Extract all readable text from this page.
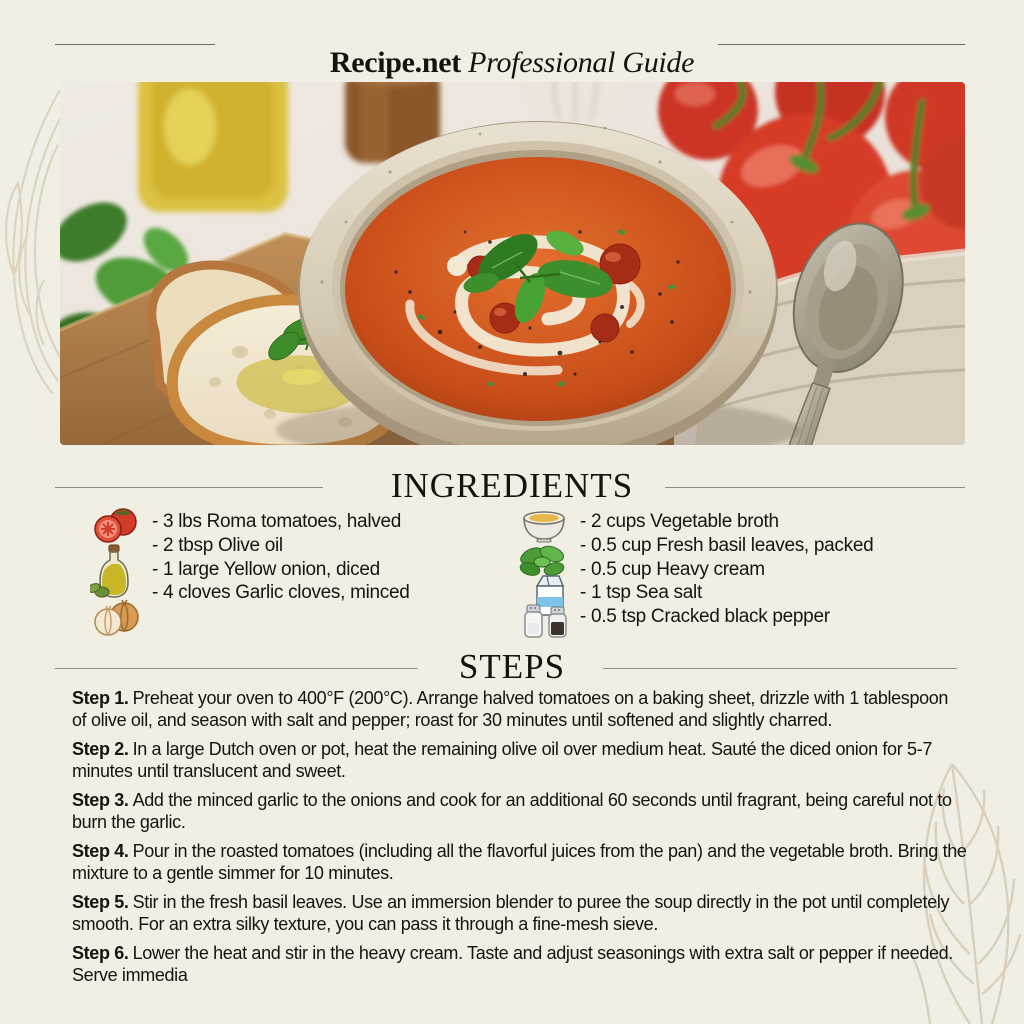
Recipe.net Professional Guide
INGREDIENTS
- 3 lbs Roma tomatoes, halved
- 2 tbsp Olive oil
- 1 large Yellow onion, diced
- 4 cloves Garlic cloves, minced
- 2 cups Vegetable broth
- 0.5 cup Fresh basil leaves, packed
- 0.5 cup Heavy cream
- 1 tsp Sea salt
- 0.5 tsp Cracked black pepper
STEPS

Step 1. Preheat your oven to 400°F (200°C). Arrange halved tomatoes on a baking sheet, drizzle with 1 tablespoon of olive oil, and season with salt and pepper; roast for 30 minutes until softened and slightly charred.

Step 2. In a large Dutch oven or pot, heat the remaining olive oil over medium heat. Sauté the diced onion for 5-7 minutes until translucent and sweet.

Step 3. Add the minced garlic to the onions and cook for an additional 60 seconds until fragrant, being careful not to burn the garlic.

Step 4. Pour in the roasted tomatoes (including all the flavorful juices from the pan) and the vegetable broth. Bring the mixture to a gentle simmer for 10 minutes.

Step 5. Stir in the fresh basil leaves. Use an immersion blender to puree the soup directly in the pot until completely smooth. For an extra silky texture, you can pass it through a fine-mesh sieve.

Step 6. Lower the heat and stir in the heavy cream. Taste and adjust seasonings with extra salt or pepper if needed. Serve immedia
